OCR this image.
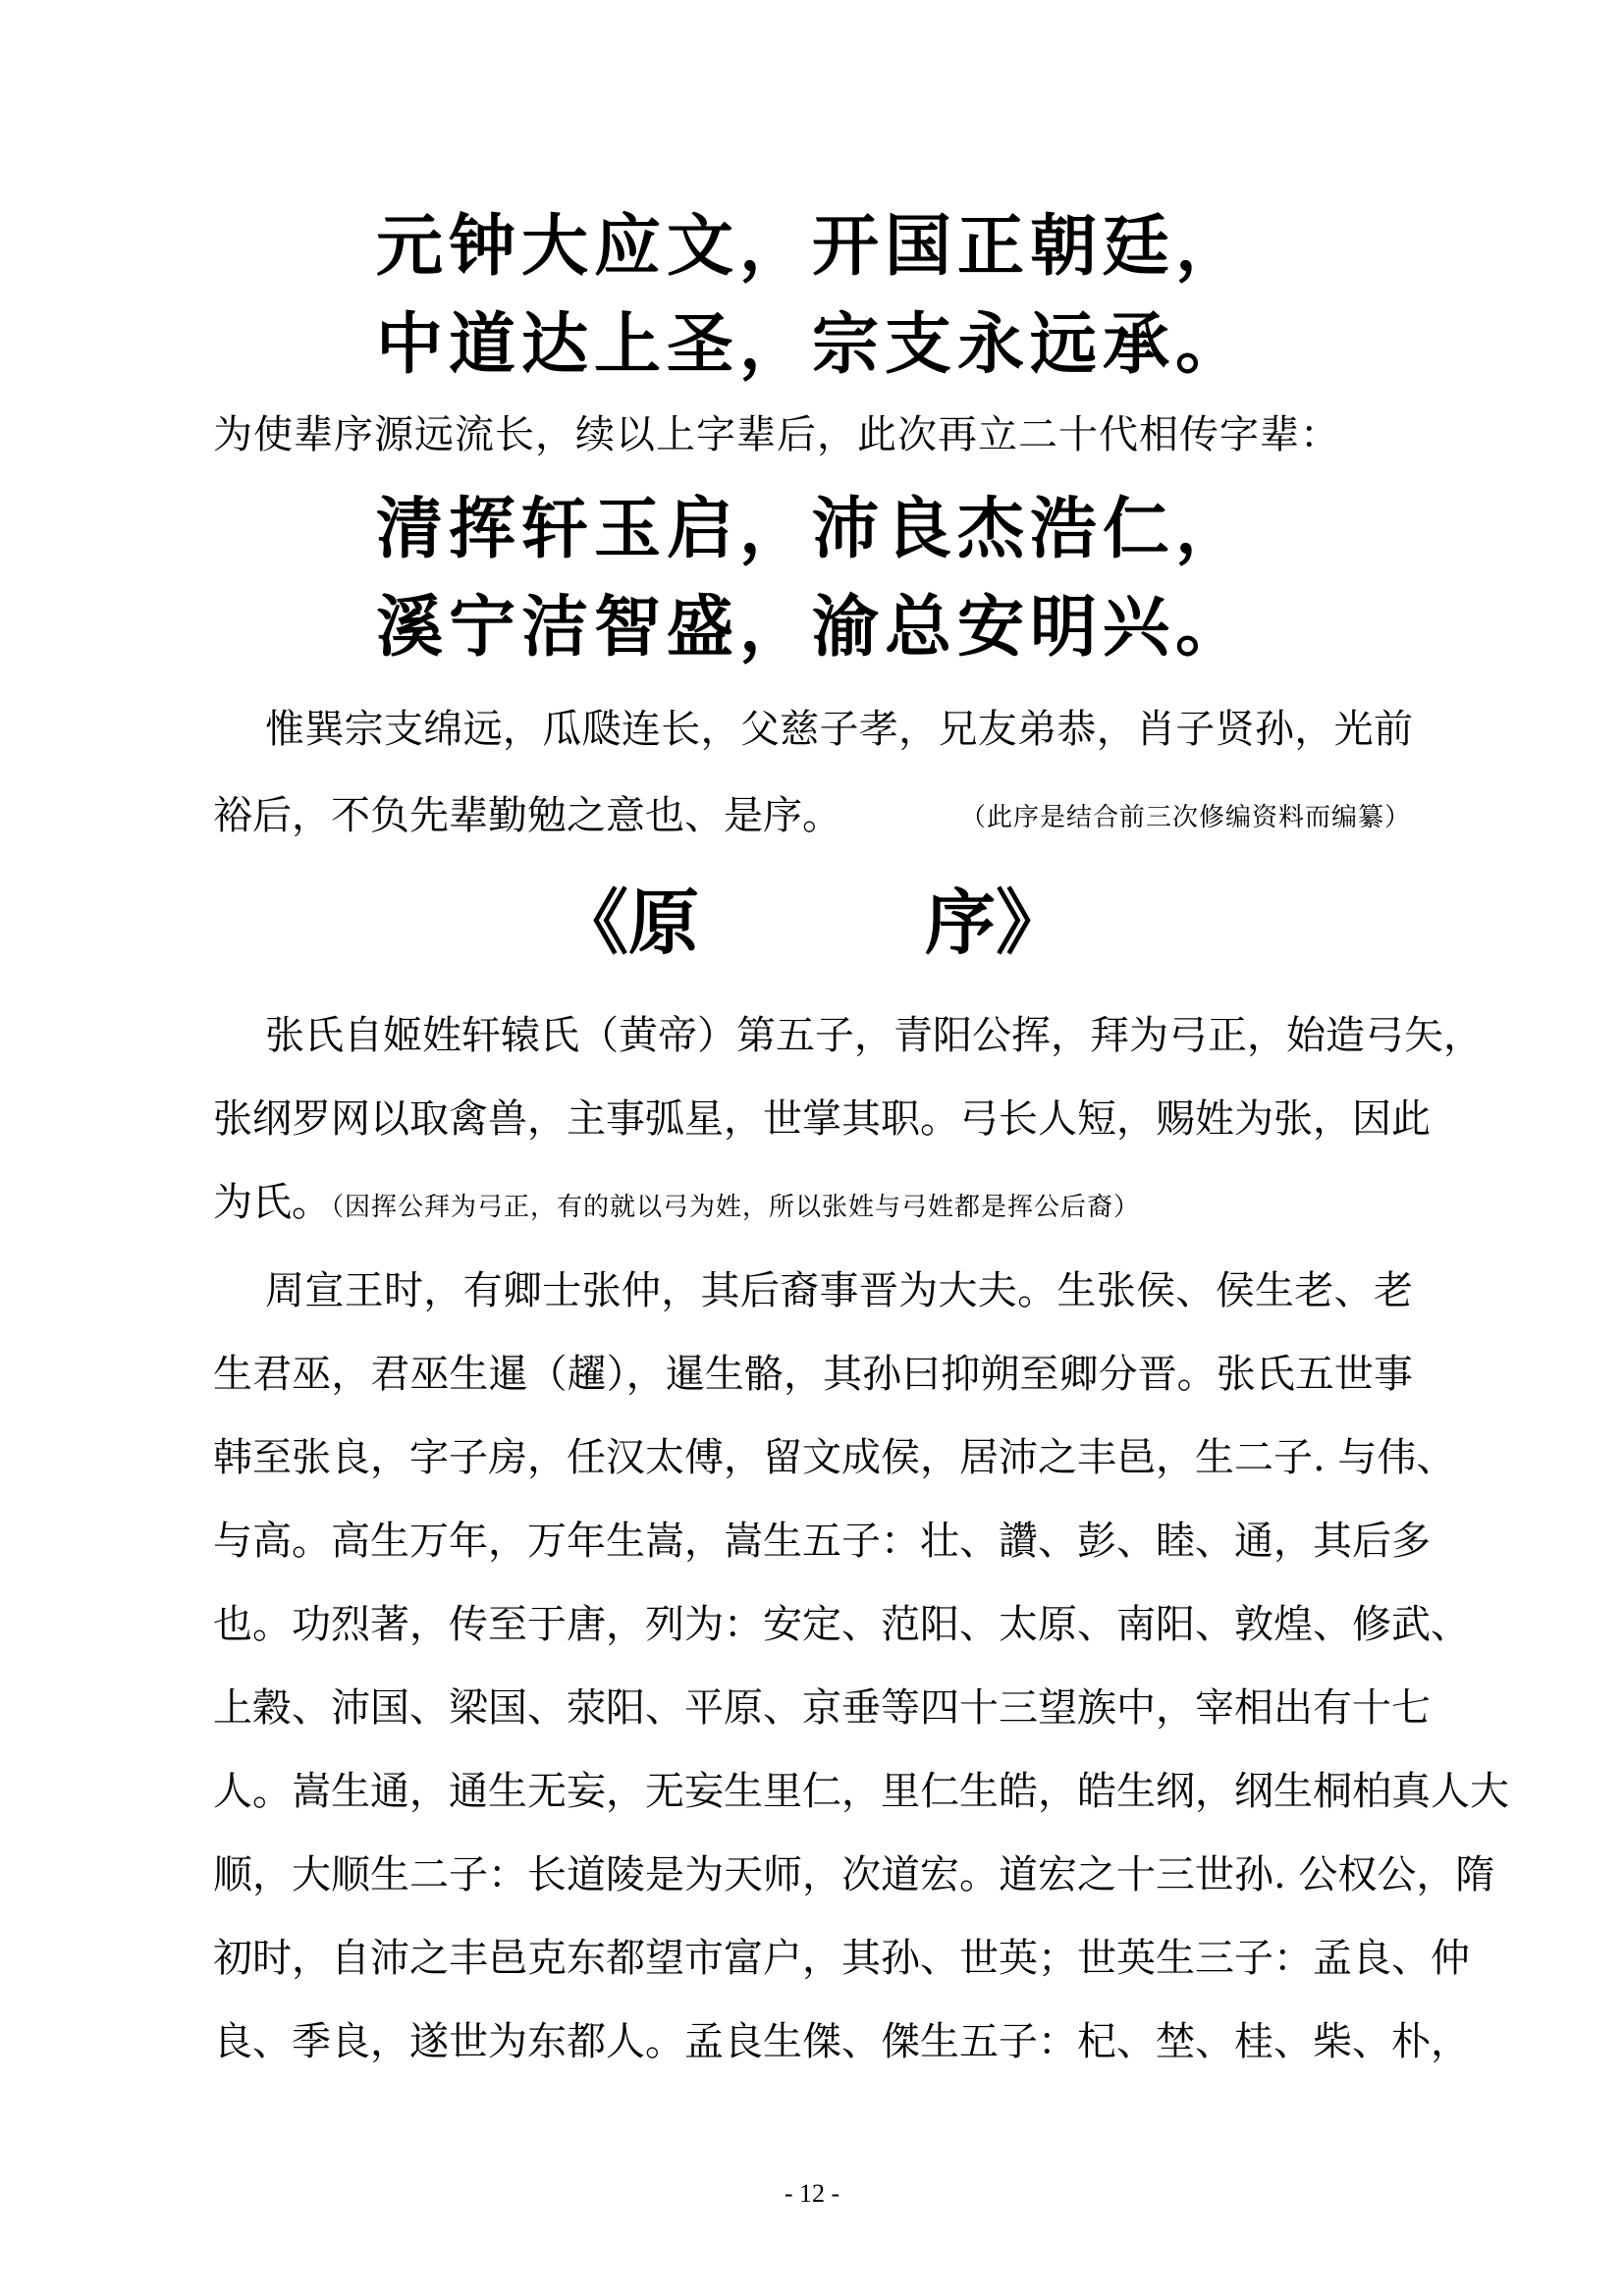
元钟大应文，开国正朝廷，
中道达上圣，宗支永远承。
为使辈序源远流长，续以上字辈后，此次再立二十代相传字辈：
清挥轩玉启，沛良杰浩仁，
溪宁洁智盛，渝总安明兴。
惟巽宗支绵远，瓜瓞连长，父慈子孝，兄友弟恭，肖子贤孙，光前
裕后，不负先辈勤勉之意也、是序。	（此序是结合前三次修编资料而编纂）
《原	序》
张氏自姬姓轩辕氏（黄帝）第五子，青阳公挥，拜为弓正，始造弓矢，
张纲罗网以取禽兽，主事弧星，世掌其职。弓长人短，赐姓为张，因此
为氏。（因挥公拜为弓正，有的就以弓为姓，所以张姓与弓姓都是挥公后裔）
周宣王时，有卿士张仲，其后裔事晋为大夫。生张侯、侯生老、老
生君巫，君巫生暹（趯），暹生骼，其孙曰抑朔至卿分晋。张氏五世事
韩至张良，字子房，任汉太傅，留文成侯，居沛之丰邑，生二子. 与伟、
与高。高生万年，万年生嵩，嵩生五子：壮、讚、彭、睦、通，其后多
也。功烈著，传至于唐，列为：安定、范阳、太原、南阳、敦煌、修武、
上穀、沛国、梁国、荥阳、平原、京垂等四十三望族中，宰相出有十七
人。嵩生通，通生无妄，无妄生里仁，里仁生皓，皓生纲，纲生桐柏真人大
顺，大顺生二子：长道陵是为天师，次道宏。道宏之十三世孙. 公权公，隋
初时，自沛之丰邑克东都望市富户，其孙、世英；世英生三子：孟良、仲
良、季良，遂世为东都人。孟良生傑、傑生五子：杞、埜、桂、柴、朴，
- 12 -
